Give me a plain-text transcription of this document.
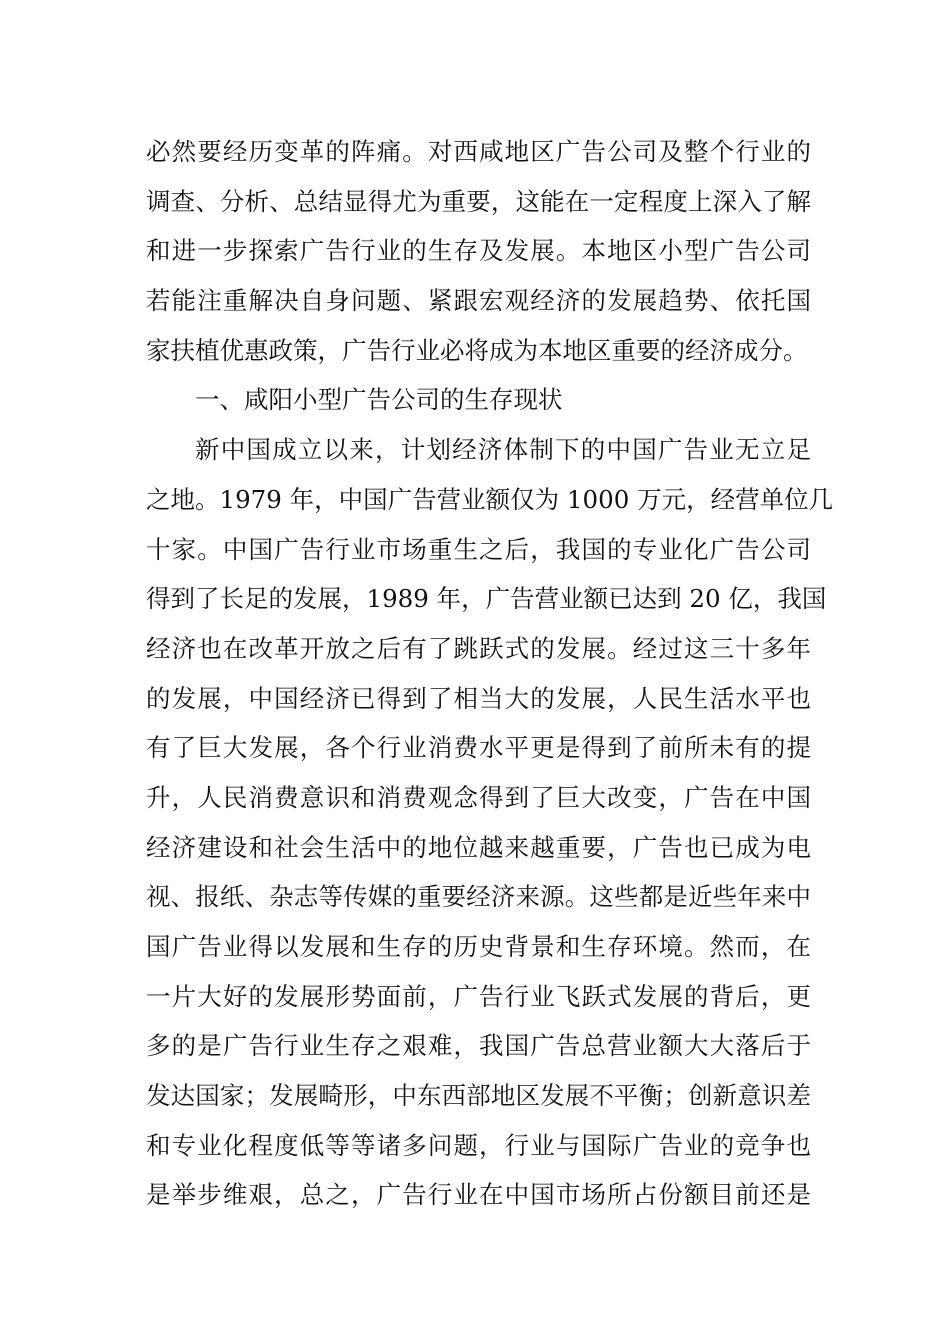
必然要经历变革的阵痛。对西咸地区广告公司及整个行业的
调查、分析、总结显得尤为重要，这能在一定程度上深入了解
和进一步探索广告行业的生存及发展。本地区小型广告公司
若能注重解决自身问题、紧跟宏观经济的发展趋势、依托国
家扶植优惠政策，广告行业必将成为本地区重要的经济成分。
一、咸阳小型广告公司的生存现状
新中国成立以来，计划经济体制下的中国广告业无立足
之地。1979 年，中国广告营业额仅为 1000 万元，经营单位几
十家。中国广告行业市场重生之后，我国的专业化广告公司
得到了长足的发展，1989 年，广告营业额已达到 20 亿，我国
经济也在改革开放之后有了跳跃式的发展。经过这三十多年
的发展，中国经济已得到了相当大的发展，人民生活水平也
有了巨大发展，各个行业消费水平更是得到了前所未有的提
升，人民消费意识和消费观念得到了巨大改变，广告在中国
经济建设和社会生活中的地位越来越重要，广告也已成为电
视、报纸、杂志等传媒的重要经济来源。这些都是近些年来中
国广告业得以发展和生存的历史背景和生存环境。然而，在
一片大好的发展形势面前，广告行业飞跃式发展的背后，更
多的是广告行业生存之艰难，我国广告总营业额大大落后于
发达国家；发展畸形，中东西部地区发展不平衡；创新意识差
和专业化程度低等等诸多问题，行业与国际广告业的竞争也
是举步维艰，总之，广告行业在中国市场所占份额目前还是
